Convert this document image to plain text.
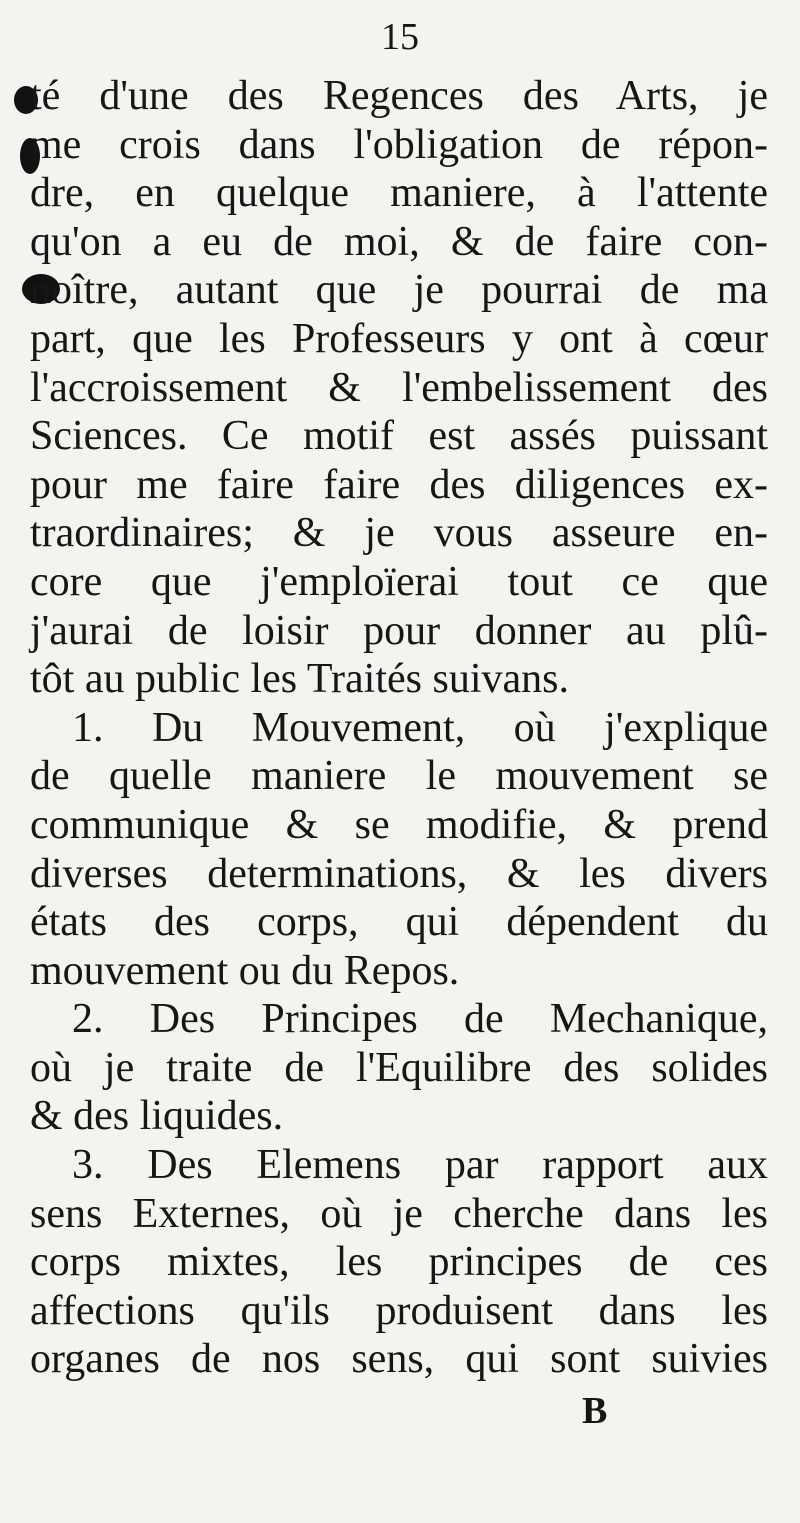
15
té d'une des Regences des Arts, je
me crois dans l'obligation de répon-
dre, en quelque maniere, à l'attente
qu'on a eu de moi, & de faire con-
noître, autant que je pourrai de ma
part, que les Professeurs y ont à cœur
l'accroissement & l'embelissement des
Sciences. Ce motif est assés puissant
pour me faire faire des diligences ex-
traordinaires; & je vous asseure en-
core que j'emploïerai tout ce que
j'aurai de loisir pour donner au plû-
tôt au public les Traités suivans.
1. Du Mouvement, où j'explique
de quelle maniere le mouvement se
communique & se modifie, & prend
diverses determinations, & les divers
états des corps, qui dépendent du
mouvement ou du Repos.
2. Des Principes de Mechanique,
où je traite de l'Equilibre des solides
& des liquides.
3. Des Elemens par rapport aux
sens Externes, où je cherche dans les
corps mixtes, les principes de ces
affections qu'ils produisent dans les
organes de nos sens, qui sont suivies
B
